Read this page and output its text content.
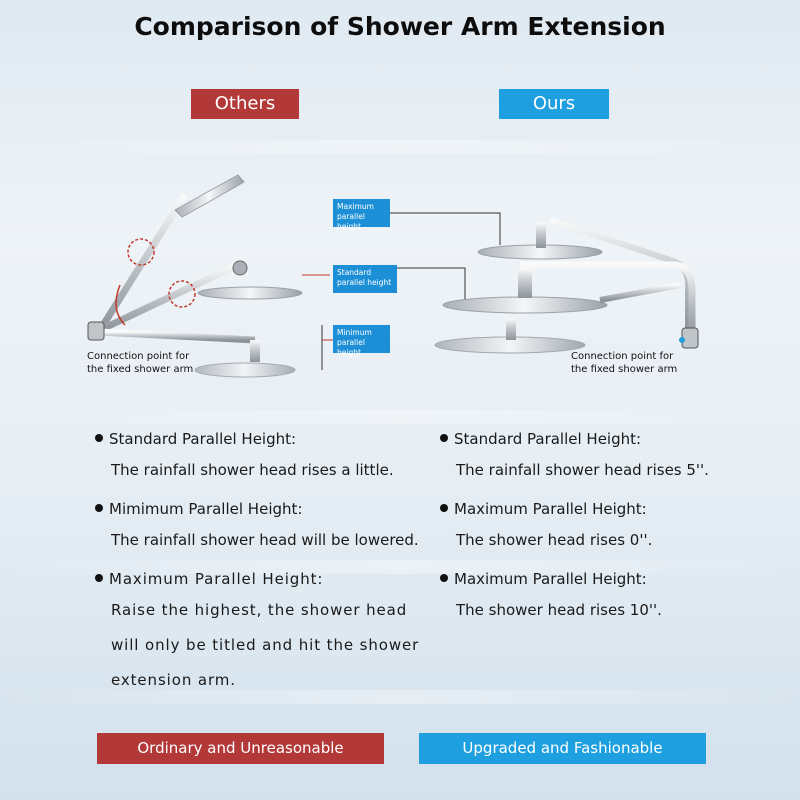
Comparison of Shower Arm Extension
Others	Ours
Connection point for
the fixed shower arm
Connection point for
the fixed shower arm
Maximum
parallel height
Standard
parallel height
Minimum
parallel height
Standard Parallel Height:
The rainfall shower head rises a little.
Mimimum Parallel Height:
The rainfall shower head will be lowered.
Maximum Parallel Height:
Raise the highest, the shower head
will only be titled and hit the shower
extension arm.
Standard Parallel Height:
The rainfall shower head rises 5''.
Maximum Parallel Height:
The shower head rises 0''.
Maximum Parallel Height:
The shower head rises 10''.
Ordinary and Unreasonable	Upgraded and Fashionable
